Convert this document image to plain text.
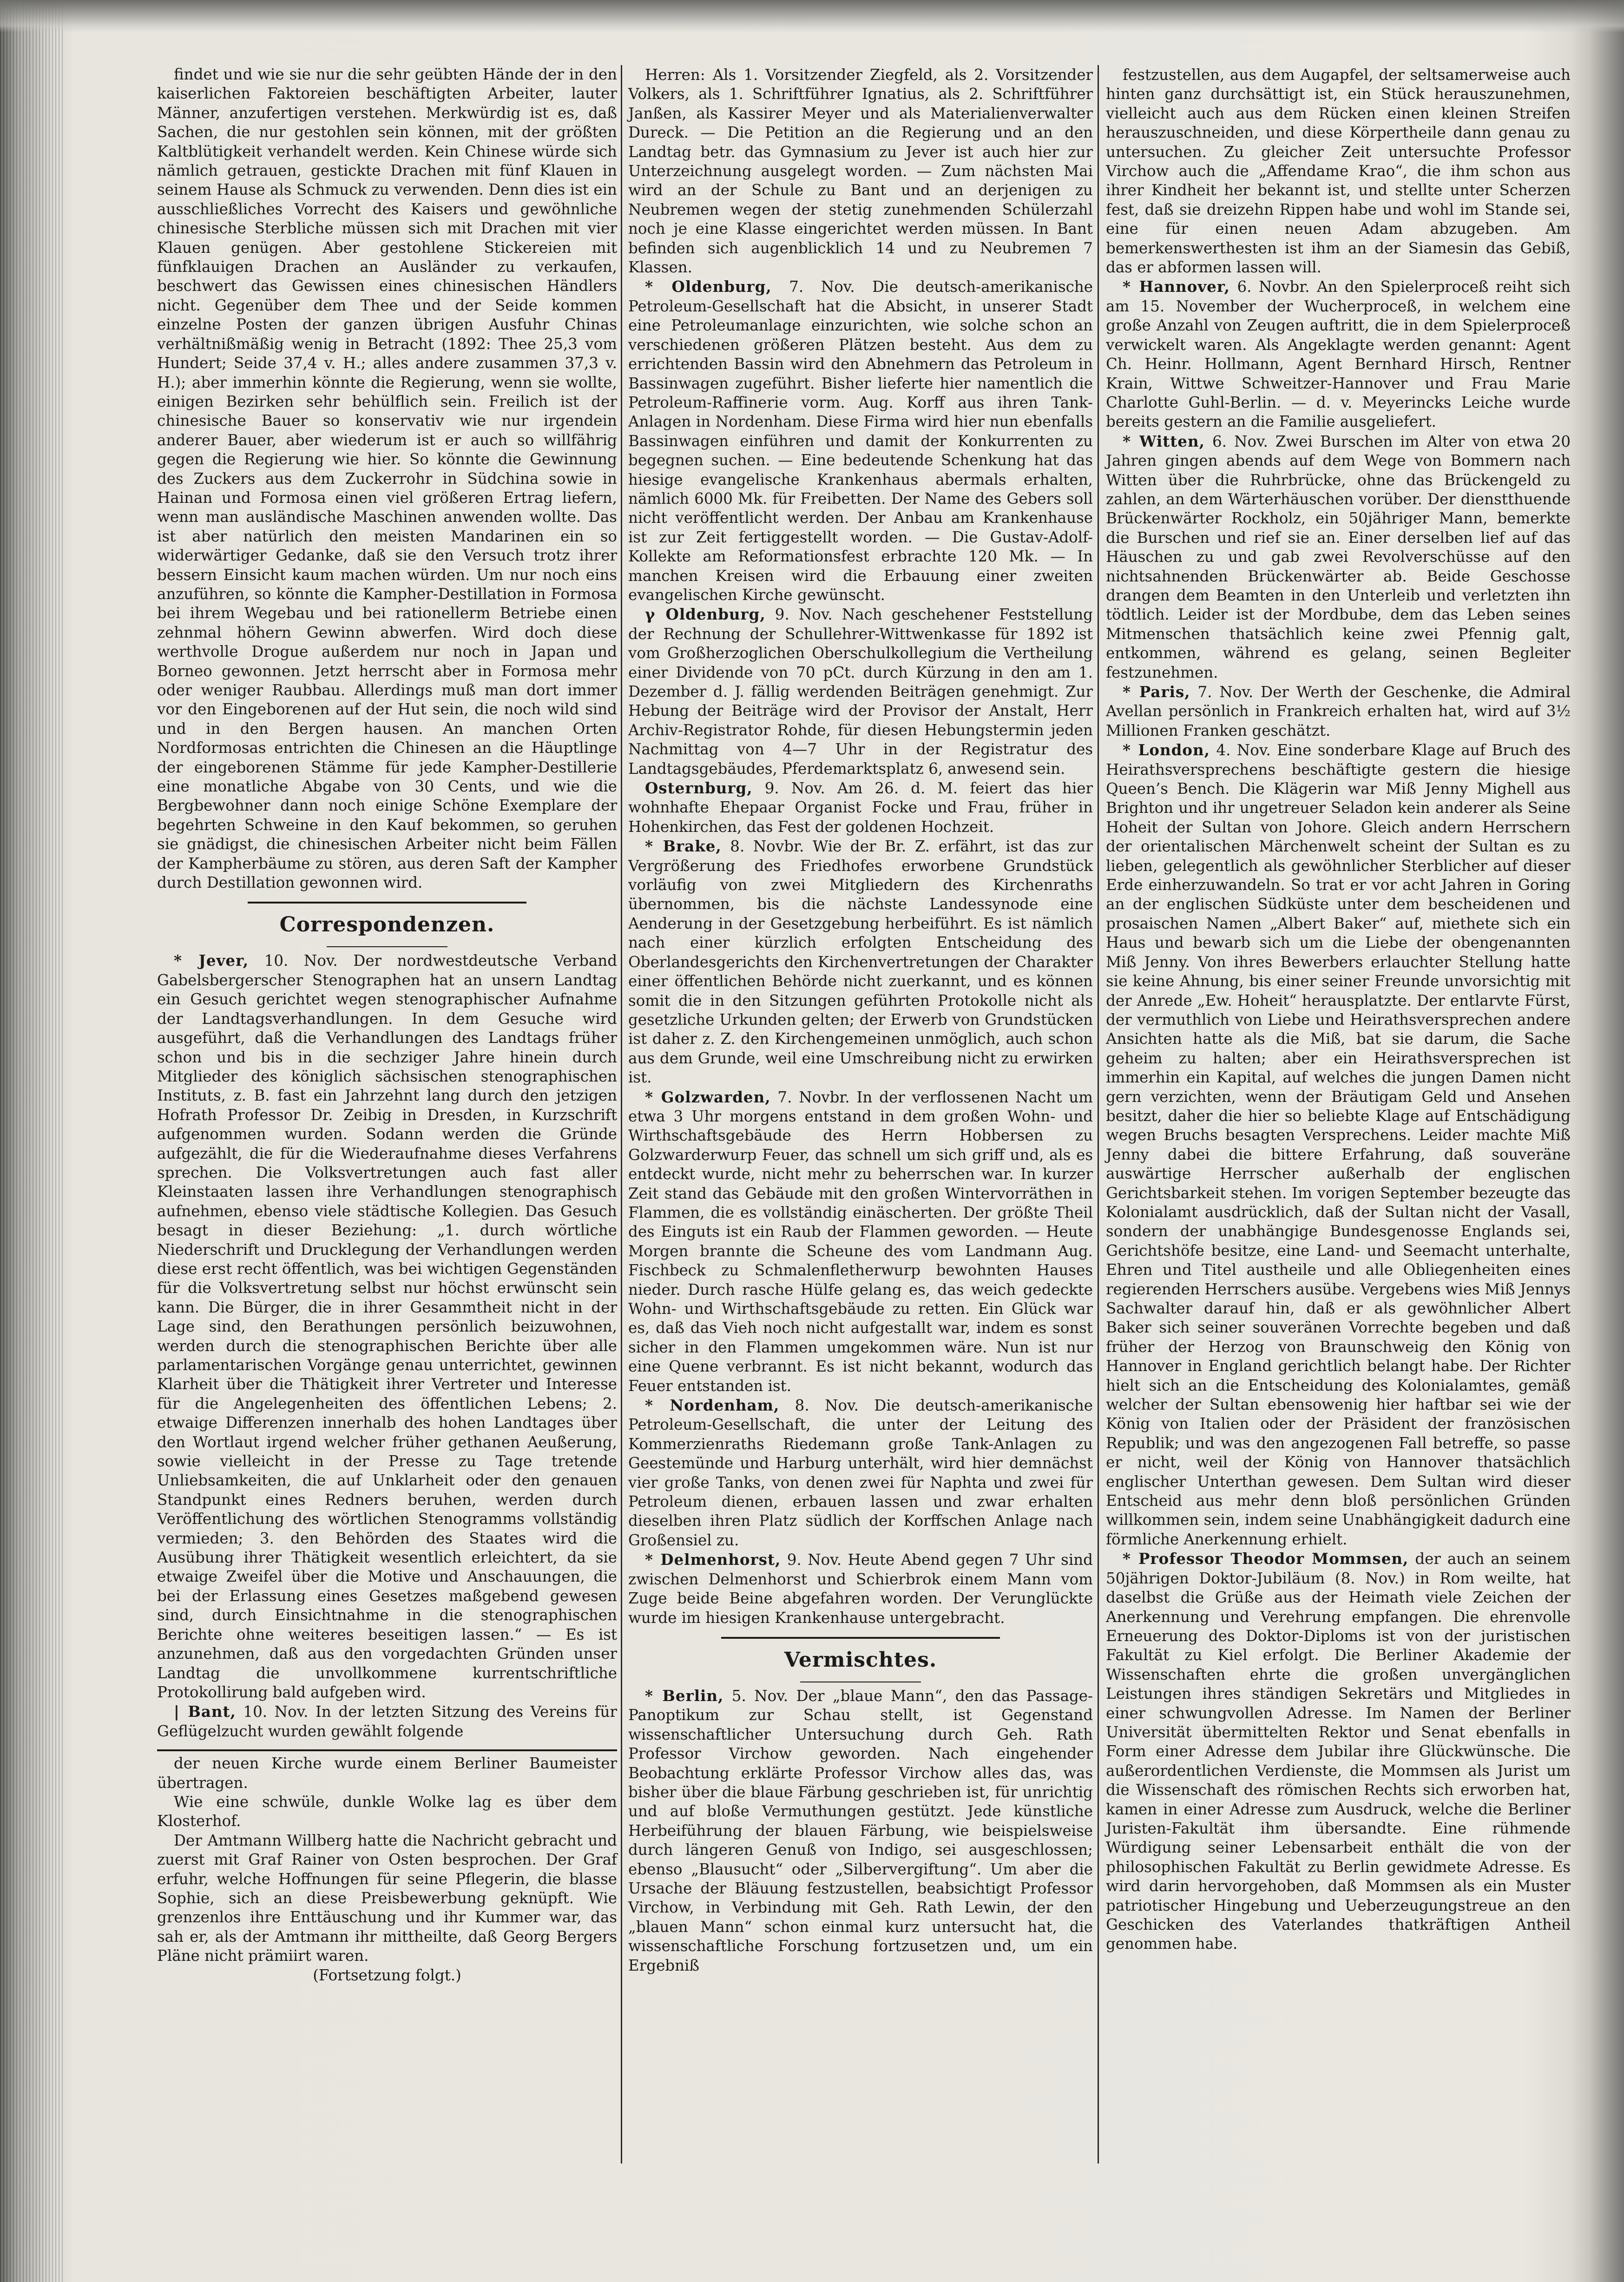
findet und wie sie nur die sehr geübten Hände der in den kaiserlichen Faktoreien beschäftigten Arbeiter, lauter Männer, anzufertigen verstehen. Merkwürdig ist es, daß Sachen, die nur gestohlen sein können, mit der größten Kaltblütigkeit verhandelt werden. Kein Chinese würde sich nämlich getrauen, gestickte Drachen mit fünf Klauen in seinem Hause als Schmuck zu verwenden. Denn dies ist ein ausschließliches Vorrecht des Kaisers und gewöhnliche chinesische Sterbliche müssen sich mit Drachen mit vier Klauen genügen. Aber gestohlene Stickereien mit fünfklauigen Drachen an Ausländer zu verkaufen, beschwert das Gewissen eines chinesischen Händlers nicht. Gegenüber dem Thee und der Seide kommen einzelne Posten der ganzen übrigen Ausfuhr Chinas verhältnißmäßig wenig in Betracht (1892: Thee 25,3 vom Hundert; Seide 37,4 v. H.; alles andere zusammen 37,3 v. H.); aber immerhin könnte die Regierung, wenn sie wollte, einigen Bezirken sehr behülflich sein. Freilich ist der chinesische Bauer so konservativ wie nur irgendein anderer Bauer, aber wiederum ist er auch so willfährig gegen die Regierung wie hier. So könnte die Gewinnung des Zuckers aus dem Zuckerrohr in Südchina sowie in Hainan und Formosa einen viel größeren Ertrag liefern, wenn man ausländische Maschinen anwenden wollte. Das ist aber natürlich den meisten Mandarinen ein so widerwärtiger Gedanke, daß sie den Versuch trotz ihrer bessern Einsicht kaum machen würden. Um nur noch eins anzuführen, so könnte die Kampher-Destillation in Formosa bei ihrem Wegebau und bei rationellerm Betriebe einen zehnmal höhern Gewinn abwerfen. Wird doch diese werthvolle Drogue außerdem nur noch in Japan und Borneo gewonnen. Jetzt herrscht aber in Formosa mehr oder weniger Raubbau. Allerdings muß man dort immer vor den Eingeborenen auf der Hut sein, die noch wild sind und in den Bergen hausen. An manchen Orten Nordformosas entrichten die Chinesen an die Häuptlinge der eingeborenen Stämme für jede Kampher-Destillerie eine monatliche Abgabe von 30 Cents, und wie die Bergbewohner dann noch einige Schöne Exemplare der begehrten Schweine in den Kauf bekommen, so geruhen sie gnädigst, die chinesischen Arbeiter nicht beim Fällen der Kampherbäume zu stören, aus deren Saft der Kampher durch Destillation gewonnen wird.

Correspondenzen.

* Jever, 10. Nov. Der nordwestdeutsche Verband Gabelsbergerscher Stenographen hat an unsern Landtag ein Gesuch gerichtet wegen stenographischer Aufnahme der Landtagsverhandlungen. In dem Gesuche wird ausgeführt, daß die Verhandlungen des Landtags früher schon und bis in die sechziger Jahre hinein durch Mitglieder des königlich sächsischen stenographischen Instituts, z. B. fast ein Jahrzehnt lang durch den jetzigen Hofrath Professor Dr. Zeibig in Dresden, in Kurzschrift aufgenommen wurden. Sodann werden die Gründe aufgezählt, die für die Wiederaufnahme dieses Verfahrens sprechen. Die Volksvertretungen auch fast aller Kleinstaaten lassen ihre Verhandlungen stenographisch aufnehmen, ebenso viele städtische Kollegien. Das Gesuch besagt in dieser Beziehung: „1. durch wörtliche Niederschrift und Drucklegung der Verhandlungen werden diese erst recht öffentlich, was bei wichtigen Gegenständen für die Volksvertretung selbst nur höchst erwünscht sein kann. Die Bürger, die in ihrer Gesammtheit nicht in der Lage sind, den Berathungen persönlich beizuwohnen, werden durch die stenographischen Berichte über alle parlamentarischen Vorgänge genau unterrichtet, gewinnen Klarheit über die Thätigkeit ihrer Vertreter und Interesse für die Angelegenheiten des öffentlichen Lebens; 2. etwaige Differenzen innerhalb des hohen Landtages über den Wortlaut irgend welcher früher gethanen Aeußerung, sowie vielleicht in der Presse zu Tage tretende Unliebsamkeiten, die auf Unklarheit oder den genauen Standpunkt eines Redners beruhen, werden durch Veröffentlichung des wörtlichen Stenogramms vollständig vermieden; 3. den Behörden des Staates wird die Ausübung ihrer Thätigkeit wesentlich erleichtert, da sie etwaige Zweifel über die Motive und Anschauungen, die bei der Erlassung eines Gesetzes maßgebend gewesen sind, durch Einsichtnahme in die stenographischen Berichte ohne weiteres beseitigen lassen.“ — Es ist anzunehmen, daß aus den vorgedachten Gründen unser Landtag die unvollkommene kurrentschriftliche Protokollirung bald aufgeben wird.

| Bant, 10. Nov. In der letzten Sitzung des Vereins für Geflügelzucht wurden gewählt folgende

der neuen Kirche wurde einem Berliner Baumeister übertragen.

Wie eine schwüle, dunkle Wolke lag es über dem Klosterhof.

Der Amtmann Willberg hatte die Nachricht gebracht und zuerst mit Graf Rainer von Osten besprochen. Der Graf erfuhr, welche Hoffnungen für seine Pflegerin, die blasse Sophie, sich an diese Preisbewerbung geknüpft. Wie grenzenlos ihre Enttäuschung und ihr Kummer war, das sah er, als der Amtmann ihr mittheilte, daß Georg Bergers Pläne nicht prämiirt waren.

(Fortsetzung folgt.)

Herren: Als 1. Vorsitzender Ziegfeld, als 2. Vorsitzender Volkers, als 1. Schriftführer Ignatius, als 2. Schriftführer Janßen, als Kassirer Meyer und als Materialienverwalter Dureck. — Die Petition an die Regierung und an den Landtag betr. das Gymnasium zu Jever ist auch hier zur Unterzeichnung ausgelegt worden. — Zum nächsten Mai wird an der Schule zu Bant und an derjenigen zu Neubremen wegen der stetig zunehmenden Schülerzahl noch je eine Klasse eingerichtet werden müssen. In Bant befinden sich augenblicklich 14 und zu Neubremen 7 Klassen.

* Oldenburg, 7. Nov. Die deutsch-amerikanische Petroleum-Gesellschaft hat die Absicht, in unserer Stadt eine Petroleumanlage einzurichten, wie solche schon an verschiedenen größeren Plätzen besteht. Aus dem zu errichtenden Bassin wird den Abnehmern das Petroleum in Bassinwagen zugeführt. Bisher lieferte hier namentlich die Petroleum-Raffinerie vorm. Aug. Korff aus ihren Tank-Anlagen in Nordenham. Diese Firma wird hier nun ebenfalls Bassinwagen einführen und damit der Konkurrenten zu begegnen suchen. — Eine bedeutende Schenkung hat das hiesige evangelische Krankenhaus abermals erhalten, nämlich 6000 Mk. für Freibetten. Der Name des Gebers soll nicht veröffentlicht werden. Der Anbau am Krankenhause ist zur Zeit fertiggestellt worden. — Die Gustav-Adolf-Kollekte am Reformationsfest erbrachte 120 Mk. — In manchen Kreisen wird die Erbauung einer zweiten evangelischen Kirche gewünscht.

γ Oldenburg, 9. Nov. Nach geschehener Feststellung der Rechnung der Schullehrer-Wittwenkasse für 1892 ist vom Großherzoglichen Oberschulkollegium die Vertheilung einer Dividende von 70 pCt. durch Kürzung in den am 1. Dezember d. J. fällig werdenden Beiträgen genehmigt. Zur Hebung der Beiträge wird der Provisor der Anstalt, Herr Archiv-Registrator Rohde, für diesen Hebungstermin jeden Nachmittag von 4—7 Uhr in der Registratur des Landtagsgebäudes, Pferdemarktsplatz 6, anwesend sein.

Osternburg, 9. Nov. Am 26. d. M. feiert das hier wohnhafte Ehepaar Organist Focke und Frau, früher in Hohenkirchen, das Fest der goldenen Hochzeit.

* Brake, 8. Novbr. Wie der Br. Z. erfährt, ist das zur Vergrößerung des Friedhofes erworbene Grundstück vorläufig von zwei Mitgliedern des Kirchenraths übernommen, bis die nächste Landessynode eine Aenderung in der Gesetzgebung herbeiführt. Es ist nämlich nach einer kürzlich erfolgten Entscheidung des Oberlandesgerichts den Kirchenvertretungen der Charakter einer öffentlichen Behörde nicht zuerkannt, und es können somit die in den Sitzungen geführten Protokolle nicht als gesetzliche Urkunden gelten; der Erwerb von Grundstücken ist daher z. Z. den Kirchengemeinen unmöglich, auch schon aus dem Grunde, weil eine Umschreibung nicht zu erwirken ist.

* Golzwarden, 7. Novbr. In der verflossenen Nacht um etwa 3 Uhr morgens entstand in dem großen Wohn- und Wirthschaftsgebäude des Herrn Hobbersen zu Golzwarderwurp Feuer, das schnell um sich griff und, als es entdeckt wurde, nicht mehr zu beherrschen war. In kurzer Zeit stand das Gebäude mit den großen Wintervorräthen in Flammen, die es vollständig einäscherten. Der größte Theil des Einguts ist ein Raub der Flammen geworden. — Heute Morgen brannte die Scheune des vom Landmann Aug. Fischbeck zu Schmalenfletherwurp bewohnten Hauses nieder. Durch rasche Hülfe gelang es, das weich gedeckte Wohn- und Wirthschaftsgebäude zu retten. Ein Glück war es, daß das Vieh noch nicht aufgestallt war, indem es sonst sicher in den Flammen umgekommen wäre. Nun ist nur eine Quene verbrannt. Es ist nicht bekannt, wodurch das Feuer entstanden ist.

* Nordenham, 8. Nov. Die deutsch-amerikanische Petroleum-Gesellschaft, die unter der Leitung des Kommerzienraths Riedemann große Tank-Anlagen zu Geestemünde und Harburg unterhält, wird hier demnächst vier große Tanks, von denen zwei für Naphta und zwei für Petroleum dienen, erbauen lassen und zwar erhalten dieselben ihren Platz südlich der Korffschen Anlage nach Großensiel zu.

* Delmenhorst, 9. Nov. Heute Abend gegen 7 Uhr sind zwischen Delmenhorst und Schierbrok einem Mann vom Zuge beide Beine abgefahren worden. Der Verunglückte wurde im hiesigen Krankenhause untergebracht.

Vermischtes.

* Berlin, 5. Nov. Der „blaue Mann“, den das Passage-Panoptikum zur Schau stellt, ist Gegenstand wissenschaftlicher Untersuchung durch Geh. Rath Professor Virchow geworden. Nach eingehender Beobachtung erklärte Professor Virchow alles das, was bisher über die blaue Färbung geschrieben ist, für unrichtig und auf bloße Vermuthungen gestützt. Jede künstliche Herbeiführung der blauen Färbung, wie beispielsweise durch längeren Genuß von Indigo, sei ausgeschlossen; ebenso „Blausucht“ oder „Silbervergiftung“. Um aber die Ursache der Bläuung festzustellen, beabsichtigt Professor Virchow, in Verbindung mit Geh. Rath Lewin, der den „blauen Mann“ schon einmal kurz untersucht hat, die wissenschaftliche Forschung fortzusetzen und, um ein Ergebniß

festzustellen, aus dem Augapfel, der seltsamerweise auch hinten ganz durchsättigt ist, ein Stück herauszunehmen, vielleicht auch aus dem Rücken einen kleinen Streifen herauszuschneiden, und diese Körpertheile dann genau zu untersuchen. Zu gleicher Zeit untersuchte Professor Virchow auch die „Affendame Krao“, die ihm schon aus ihrer Kindheit her bekannt ist, und stellte unter Scherzen fest, daß sie dreizehn Rippen habe und wohl im Stande sei, eine für einen neuen Adam abzugeben. Am bemerkenswerthesten ist ihm an der Siamesin das Gebiß, das er abformen lassen will.

* Hannover, 6. Novbr. An den Spielerproceß reiht sich am 15. November der Wucherproceß, in welchem eine große Anzahl von Zeugen auftritt, die in dem Spielerproceß verwickelt waren. Als Angeklagte werden genannt: Agent Ch. Heinr. Hollmann, Agent Bernhard Hirsch, Rentner Krain, Wittwe Schweitzer-Hannover und Frau Marie Charlotte Guhl-Berlin. — d. v. Meyerincks Leiche wurde bereits gestern an die Familie ausgeliefert.

* Witten, 6. Nov. Zwei Burschen im Alter von etwa 20 Jahren gingen abends auf dem Wege von Bommern nach Witten über die Ruhrbrücke, ohne das Brückengeld zu zahlen, an dem Wärterhäuschen vorüber. Der dienstthuende Brückenwärter Rockholz, ein 50jähriger Mann, bemerkte die Burschen und rief sie an. Einer derselben lief auf das Häuschen zu und gab zwei Revolverschüsse auf den nichtsahnenden Brückenwärter ab. Beide Geschosse drangen dem Beamten in den Unterleib und verletzten ihn tödtlich. Leider ist der Mordbube, dem das Leben seines Mitmenschen thatsächlich keine zwei Pfennig galt, entkommen, während es gelang, seinen Begleiter festzunehmen.

* Paris, 7. Nov. Der Werth der Geschenke, die Admiral Avellan persönlich in Frankreich erhalten hat, wird auf 3½ Millionen Franken geschätzt.

* London, 4. Nov. Eine sonderbare Klage auf Bruch des Heirathsversprechens beschäftigte gestern die hiesige Queen’s Bench. Die Klägerin war Miß Jenny Mighell aus Brighton und ihr ungetreuer Seladon kein anderer als Seine Hoheit der Sultan von Johore. Gleich andern Herrschern der orientalischen Märchenwelt scheint der Sultan es zu lieben, gelegentlich als gewöhnlicher Sterblicher auf dieser Erde einherzuwandeln. So trat er vor acht Jahren in Goring an der englischen Südküste unter dem bescheidenen und prosaischen Namen „Albert Baker“ auf, miethete sich ein Haus und bewarb sich um die Liebe der obengenannten Miß Jenny. Von ihres Bewerbers erlauchter Stellung hatte sie keine Ahnung, bis einer seiner Freunde unvorsichtig mit der Anrede „Ew. Hoheit“ herausplatzte. Der entlarvte Fürst, der vermuthlich von Liebe und Heirathsversprechen andere Ansichten hatte als die Miß, bat sie darum, die Sache geheim zu halten; aber ein Heirathsversprechen ist immerhin ein Kapital, auf welches die jungen Damen nicht gern verzichten, wenn der Bräutigam Geld und Ansehen besitzt, daher die hier so beliebte Klage auf Entschädigung wegen Bruchs besagten Versprechens. Leider machte Miß Jenny dabei die bittere Erfahrung, daß souveräne auswärtige Herrscher außerhalb der englischen Gerichtsbarkeit stehen. Im vorigen September bezeugte das Kolonialamt ausdrücklich, daß der Sultan nicht der Vasall, sondern der unabhängige Bundesgenosse Englands sei, Gerichtshöfe besitze, eine Land- und Seemacht unterhalte, Ehren und Titel austheile und alle Obliegenheiten eines regierenden Herrschers ausübe. Vergebens wies Miß Jennys Sachwalter darauf hin, daß er als gewöhnlicher Albert Baker sich seiner souveränen Vorrechte begeben und daß früher der Herzog von Braunschweig den König von Hannover in England gerichtlich belangt habe. Der Richter hielt sich an die Entscheidung des Kolonialamtes, gemäß welcher der Sultan ebensowenig hier haftbar sei wie der König von Italien oder der Präsident der französischen Republik; und was den angezogenen Fall betreffe, so passe er nicht, weil der König von Hannover thatsächlich englischer Unterthan gewesen. Dem Sultan wird dieser Entscheid aus mehr denn bloß persönlichen Gründen willkommen sein, indem seine Unabhängigkeit dadurch eine förmliche Anerkennung erhielt.

* Professor Theodor Mommsen, der auch an seinem 50jährigen Doktor-Jubiläum (8. Nov.) in Rom weilte, hat daselbst die Grüße aus der Heimath viele Zeichen der Anerkennung und Verehrung empfangen. Die ehrenvolle Erneuerung des Doktor-Diploms ist von der juristischen Fakultät zu Kiel erfolgt. Die Berliner Akademie der Wissenschaften ehrte die großen unvergänglichen Leistungen ihres ständigen Sekretärs und Mitgliedes in einer schwungvollen Adresse. Im Namen der Berliner Universität übermittelten Rektor und Senat ebenfalls in Form einer Adresse dem Jubilar ihre Glückwünsche. Die außerordentlichen Verdienste, die Mommsen als Jurist um die Wissenschaft des römischen Rechts sich erworben hat, kamen in einer Adresse zum Ausdruck, welche die Berliner Juristen-Fakultät ihm übersandte. Eine rühmende Würdigung seiner Lebensarbeit enthält die von der philosophischen Fakultät zu Berlin gewidmete Adresse. Es wird darin hervorgehoben, daß Mommsen als ein Muster patriotischer Hingebung und Ueberzeugungstreue an den Geschicken des Vaterlandes thatkräftigen Antheil genommen habe.
